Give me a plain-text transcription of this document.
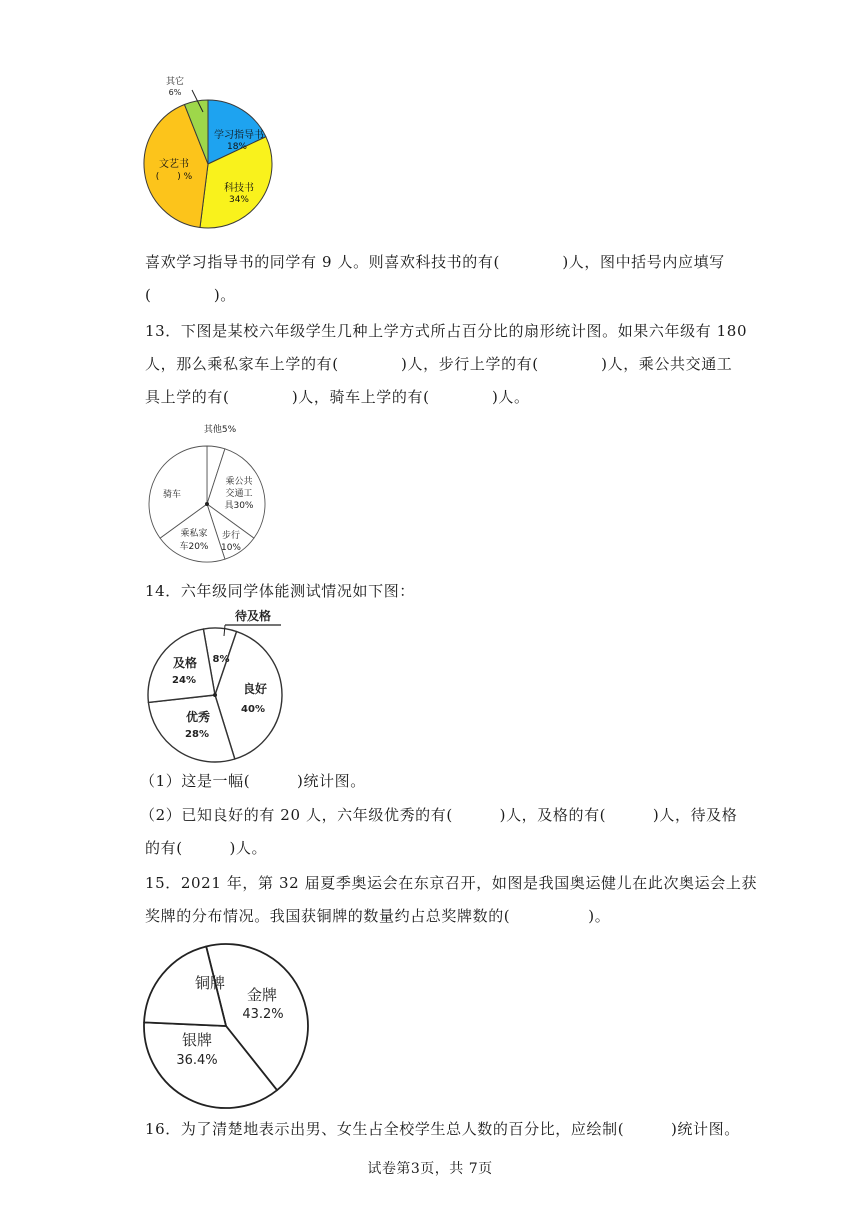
其它
6%
学习指导书
18%
科技书
34%
文艺书
(　　) %
喜欢学习指导书的同学有 9 人。则喜欢科技书的有(　　　　)人，图中括号内应填写
(　　　　)。
13．下图是某校六年级学生几种上学方式所占百分比的扇形统计图。如果六年级有 180
人，那么乘私家车上学的有(　　　　)人，步行上学的有(　　　　)人，乘公共交通工
具上学的有(　　　　)人，骑车上学的有(　　　　)人。
其他5%
乘公共
交通工
具30%
步行
10%
乘私家
车20%
骑车
14．六年级同学体能测试情况如下图：
待及格
8%
良好
40%
优秀
28%
及格
24%
（1）这是一幅(　　　)统计图。
（2）已知良好的有 20 人，六年级优秀的有(　　　)人，及格的有(　　　)人，待及格
的有(　　　)人。
15．2021 年，第 32 届夏季奥运会在东京召开，如图是我国奥运健儿在此次奥运会上获
奖牌的分布情况。我国获铜牌的数量约占总奖牌数的(　　　　　)。
金牌
43.2%
银牌
36.4%
铜牌
16．为了清楚地表示出男、女生占全校学生总人数的百分比，应绘制(　　　)统计图。
试卷第3页，共 7页
